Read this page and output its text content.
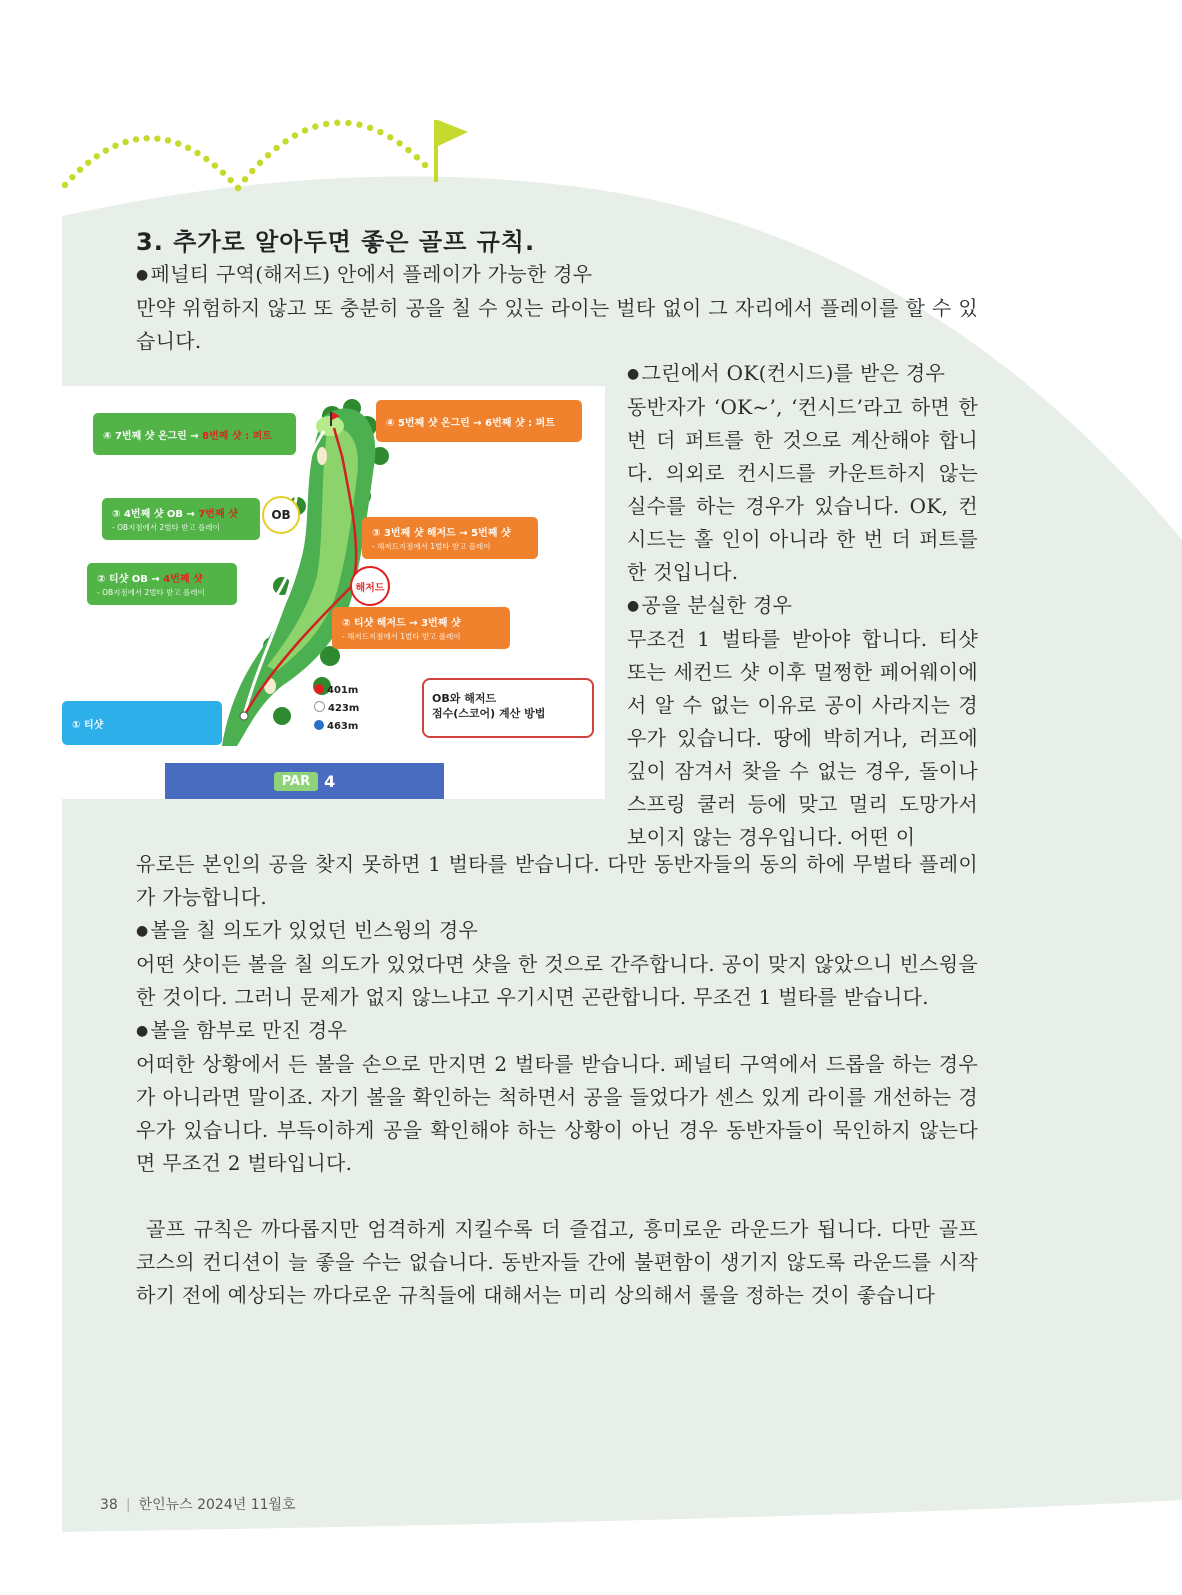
3. 추가로 알아두면 좋은 골프 규칙.

● 페널티 구역(해저드) 안에서 플레이가 가능한 경우

만약 위험하지 않고 또 충분히 공을 칠 수 있는 라이는 벌타 없이 그 자리에서 플레이를 할 수 있습니다.

● 그린에서 OK(컨시드)를 받은 경우

동반자가 ‘OK~’, ‘컨시드’라고 하면 한 번 더 퍼트를 한 것으로 계산해야 합니다. 의외로 컨시드를 카운트하지 않는 실수를 하는 경우가 있습니다. OK, 컨시드는 홀 인이 아니라 한 번 더 퍼트를 한 것입니다.

● 공을 분실한 경우

무조건 1 벌타를 받아야 합니다. 티샷 또는 세컨드 샷 이후 멀쩡한 페어웨이에서 알 수 없는 이유로 공이 사라지는 경우가 있습니다. 땅에 박히거나, 러프에 깊이 잠겨서 찾을 수 없는 경우, 돌이나 스프링 쿨러 등에 맞고 멀리 도망가서 보이지 않는 경우입니다. 어떤 이

유로든 본인의 공을 찾지 못하면 1 벌타를 받습니다. 다만 동반자들의 동의 하에 무벌타 플레이가 가능합니다.

● 볼을 칠 의도가 있었던 빈스윙의 경우

어떤 샷이든 볼을 칠 의도가 있었다면 샷을 한 것으로 간주합니다. 공이 맞지 않았으니 빈스윙을 한 것이다. 그러니 문제가 없지 않느냐고 우기시면 곤란합니다. 무조건 1 벌타를 받습니다.

● 볼을 함부로 만진 경우

어떠한 상황에서 든 볼을 손으로 만지면 2 벌타를 받습니다. 페널티 구역에서 드롭을 하는 경우가 아니라면 말이죠. 자기 볼을 확인하는 척하면서 공을 들었다가 센스 있게 라이를 개선하는 경우가 있습니다. 부득이하게 공을 확인해야 하는 상황이 아닌 경우 동반자들이 묵인하지 않는다면 무조건 2 벌타입니다.

골프 규칙은 까다롭지만 엄격하게 지킬수록 더 즐겁고, 흥미로운 라운드가 됩니다. 다만 골프 코스의 컨디션이 늘 좋을 수는 없습니다. 동반자들 간에 불편함이 생기지 않도록 라운드를 시작하기 전에 예상되는 까다로운 규칙들에 대해서는 미리 상의해서 룰을 정하는 것이 좋습니다

OB
해저드
④ 7번째 샷 온그린 → 8번째 샷 : 퍼트
④ 5번째 샷 온그린 → 6번째 샷 : 퍼트
③ 4번째 샷 OB → 7번째 샷
- OB지점에서 2벌타 받고 플레이
③ 3번째 샷 해저드 → 5번째 샷
- 해저드지점에서 1벌타 받고 플레이
② 티샷 OB → 4번째 샷
- OB지점에서 2벌타 받고 플레이
② 티샷 해저드 → 3번째 샷
- 해저드지점에서 1벌타 받고 플레이
① 티샷
401m
423m
463m
OB와 해저드
점수(스코어) 계산 방법
PAR 4
38 | 한인뉴스 2024년 11월호
